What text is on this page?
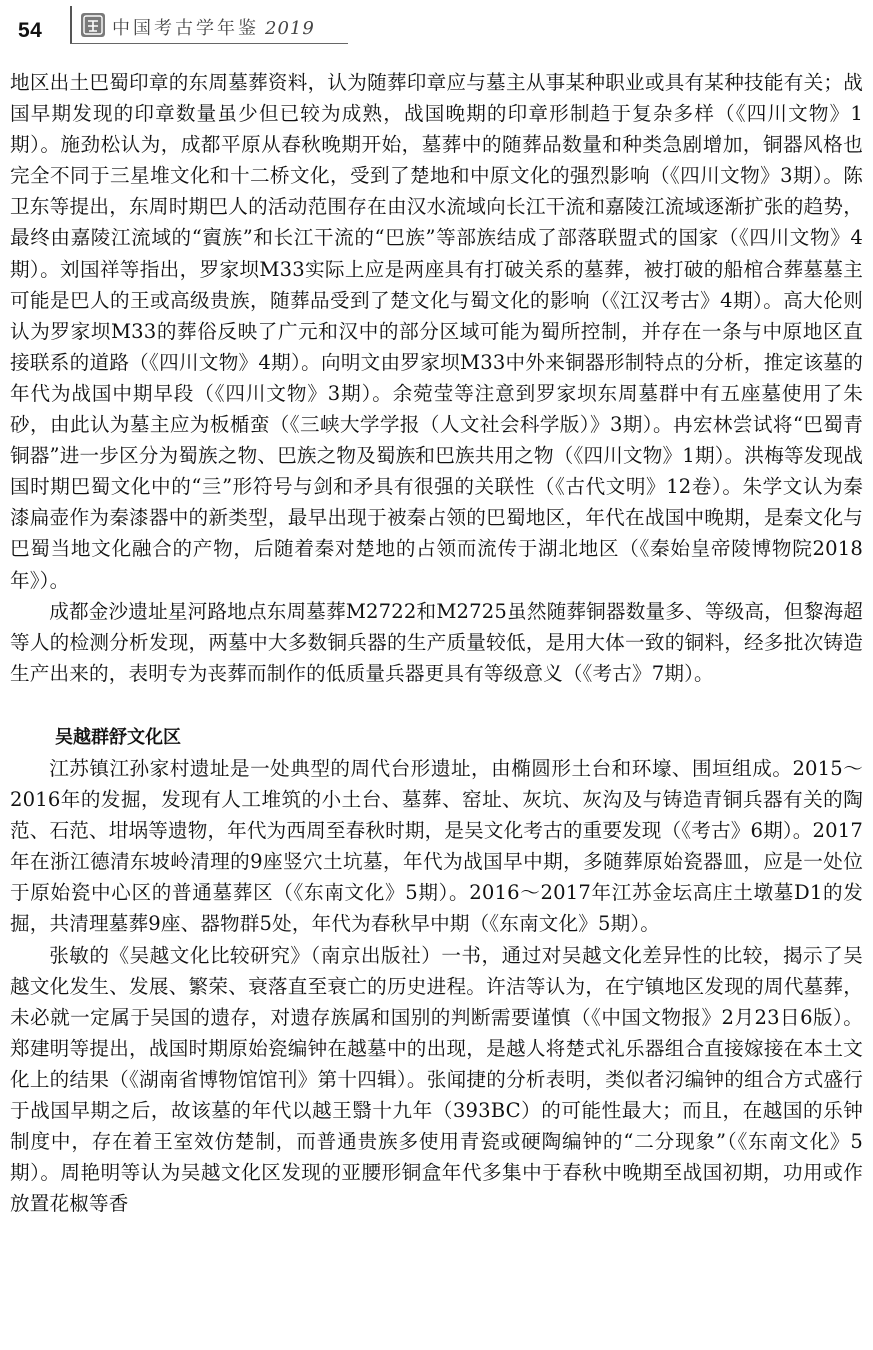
54	中国考古学年鉴 2019

地区出土巴蜀印章的东周墓葬资料，认为随葬印章应与墓主从事某种职业或具有某种技能有关；战国早期发现的印章数量虽少但已较为成熟，战国晚期的印章形制趋于复杂多样（《四川文物》1期）。施劲松认为，成都平原从春秋晚期开始，墓葬中的随葬品数量和种类急剧增加，铜器风格也完全不同于三星堆文化和十二桥文化，受到了楚地和中原文化的强烈影响（《四川文物》3期）。陈卫东等提出，东周时期巴人的活动范围存在由汉水流域向长江干流和嘉陵江流域逐渐扩张的趋势，最终由嘉陵江流域的“賨族”和长江干流的“巴族”等部族结成了部落联盟式的国家（《四川文物》4期）。刘国祥等指出，罗家坝M33实际上应是两座具有打破关系的墓葬，被打破的船棺合葬墓墓主可能是巴人的王或高级贵族，随葬品受到了楚文化与蜀文化的影响（《江汉考古》4期）。高大伦则认为罗家坝M33的葬俗反映了广元和汉中的部分区域可能为蜀所控制，并存在一条与中原地区直接联系的道路（《四川文物》4期）。向明文由罗家坝M33中外来铜器形制特点的分析，推定该墓的年代为战国中期早段（《四川文物》3期）。余菀莹等注意到罗家坝东周墓群中有五座墓使用了朱砂，由此认为墓主应为板楯蛮（《三峡大学学报（人文社会科学版）》3期）。冉宏林尝试将“巴蜀青铜器”进一步区分为蜀族之物、巴族之物及蜀族和巴族共用之物（《四川文物》1期）。洪梅等发现战国时期巴蜀文化中的“亖”形符号与剑和矛具有很强的关联性（《古代文明》12卷）。朱学文认为秦漆扁壶作为秦漆器中的新类型，最早出现于被秦占领的巴蜀地区，年代在战国中晚期，是秦文化与巴蜀当地文化融合的产物，后随着秦对楚地的占领而流传于湖北地区（《秦始皇帝陵博物院2018年》）。

成都金沙遗址星河路地点东周墓葬M2722和M2725虽然随葬铜器数量多、等级高，但黎海超等人的检测分析发现，两墓中大多数铜兵器的生产质量较低，是用大体一致的铜料，经多批次铸造生产出来的，表明专为丧葬而制作的低质量兵器更具有等级意义（《考古》7期）。

吴越群舒文化区

江苏镇江孙家村遗址是一处典型的周代台形遗址，由椭圆形土台和环壕、围垣组成。2015～2016年的发掘，发现有人工堆筑的小土台、墓葬、窑址、灰坑、灰沟及与铸造青铜兵器有关的陶范、石范、坩埚等遗物，年代为西周至春秋时期，是吴文化考古的重要发现（《考古》6期）。2017年在浙江德清东坡岭清理的9座竖穴土坑墓，年代为战国早中期，多随葬原始瓷器皿，应是一处位于原始瓷中心区的普通墓葬区（《东南文化》5期）。2016～2017年江苏金坛高庄土墩墓D1的发掘，共清理墓葬9座、器物群5处，年代为春秋早中期（《东南文化》5期）。

张敏的《吴越文化比较研究》（南京出版社）一书，通过对吴越文化差异性的比较，揭示了吴越文化发生、发展、繁荣、衰落直至衰亡的历史进程。许洁等认为，在宁镇地区发现的周代墓葬，未必就一定属于吴国的遗存，对遗存族属和国别的判断需要谨慎（《中国文物报》2月23日6版）。郑建明等提出，战国时期原始瓷编钟在越墓中的出现，是越人将楚式礼乐器组合直接嫁接在本土文化上的结果（《湖南省博物馆馆刊》第十四辑）。张闻捷的分析表明，类似者汈编钟的组合方式盛行于战国早期之后，故该墓的年代以越王翳十九年（393BC）的可能性最大；而且，在越国的乐钟制度中，存在着王室效仿楚制，而普通贵族多使用青瓷或硬陶编钟的“二分现象”（《东南文化》5期）。周艳明等认为吴越文化区发现的亚腰形铜盒年代多集中于春秋中晚期至战国初期，功用或作放置花椒等香
